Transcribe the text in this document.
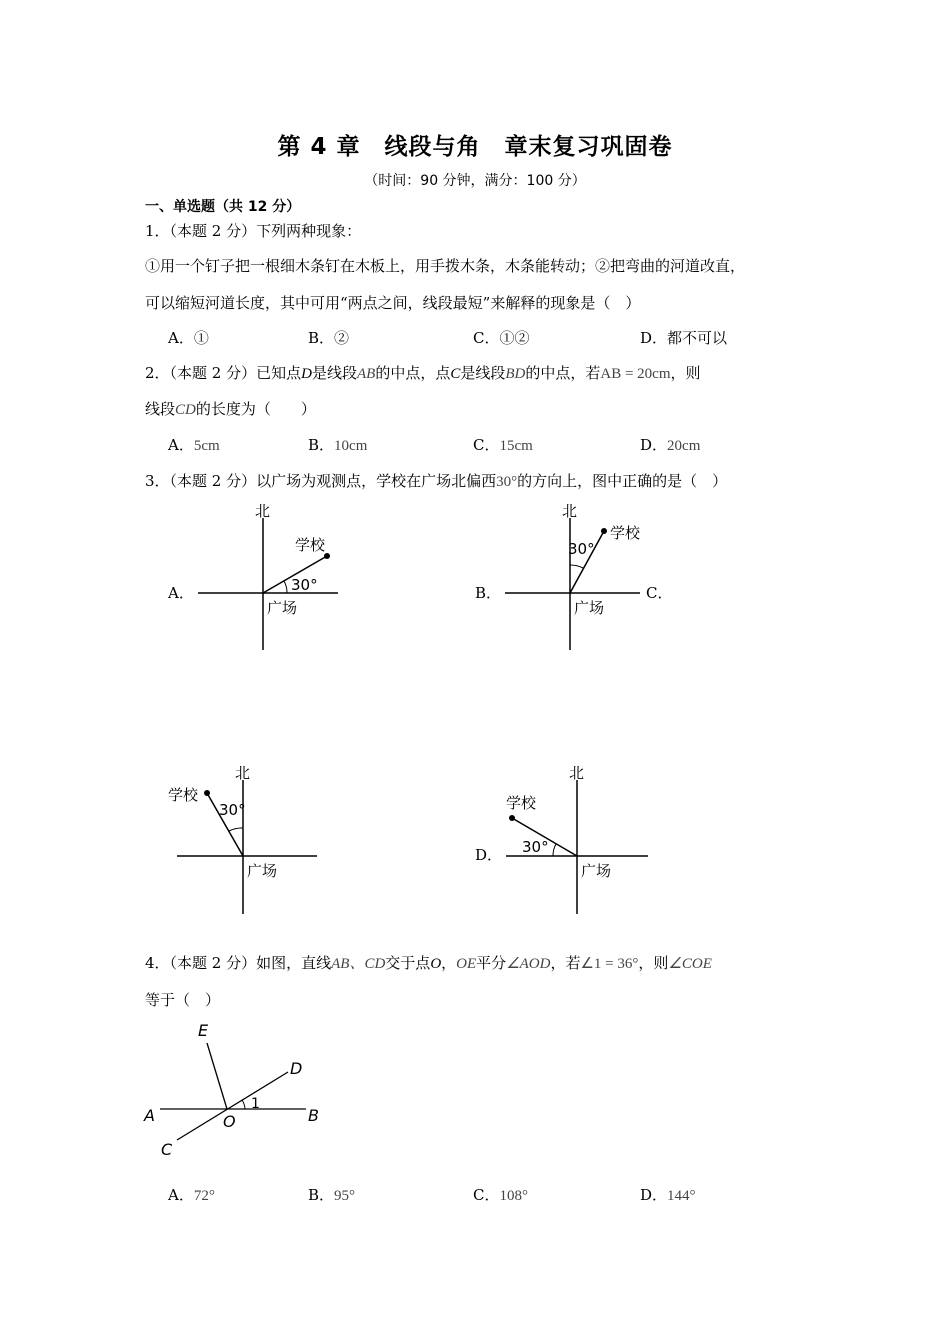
第 4 章　线段与角　章末复习巩固卷
（时间：90 分钟，满分：100 分）
一、单选题（共 12 分）
1．（本题 2 分）下列两种现象：
①用一个钉子把一根细木条钉在木板上，用手拨木条，木条能转动；②把弯曲的河道改直，
可以缩短河道长度，其中可用“两点之间，线段最短”来解释的现象是（　）
A．①	B．②	C．①②	D．都不可以
2．（本题 2 分）已知点D是线段AB的中点，点C是线段BD的中点，若AB = 20cm，则
线段CD的长度为（　　）
A．5cm	B．10cm	C．15cm	D．20cm
3．（本题 2 分）以广场为观测点，学校在广场北偏西30°的方向上，图中正确的是（　）
A．
北
学校
广场
30°	B．
北
学校
广场
30°
C．
北
学校
广场
30°
D．
北
学校
广场
30°
4．（本题 2 分）如图，直线AB、CD交于点O，OE平分∠AOD，若∠1 = 36°，则∠COE
等于（　）
E
D
A	O	B
C
1
A．72°	B．95°	C．108°	D．144°
